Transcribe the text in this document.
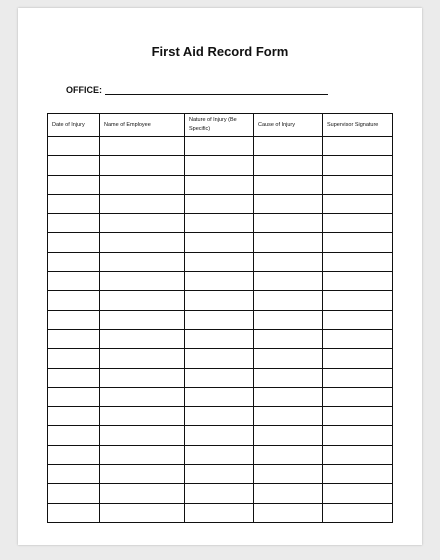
First Aid Record Form
OFFICE:
Date of Injury	Name of Employee	Nature of Injury (Be Specific)	Cause of Injury	Supervisor Signature
